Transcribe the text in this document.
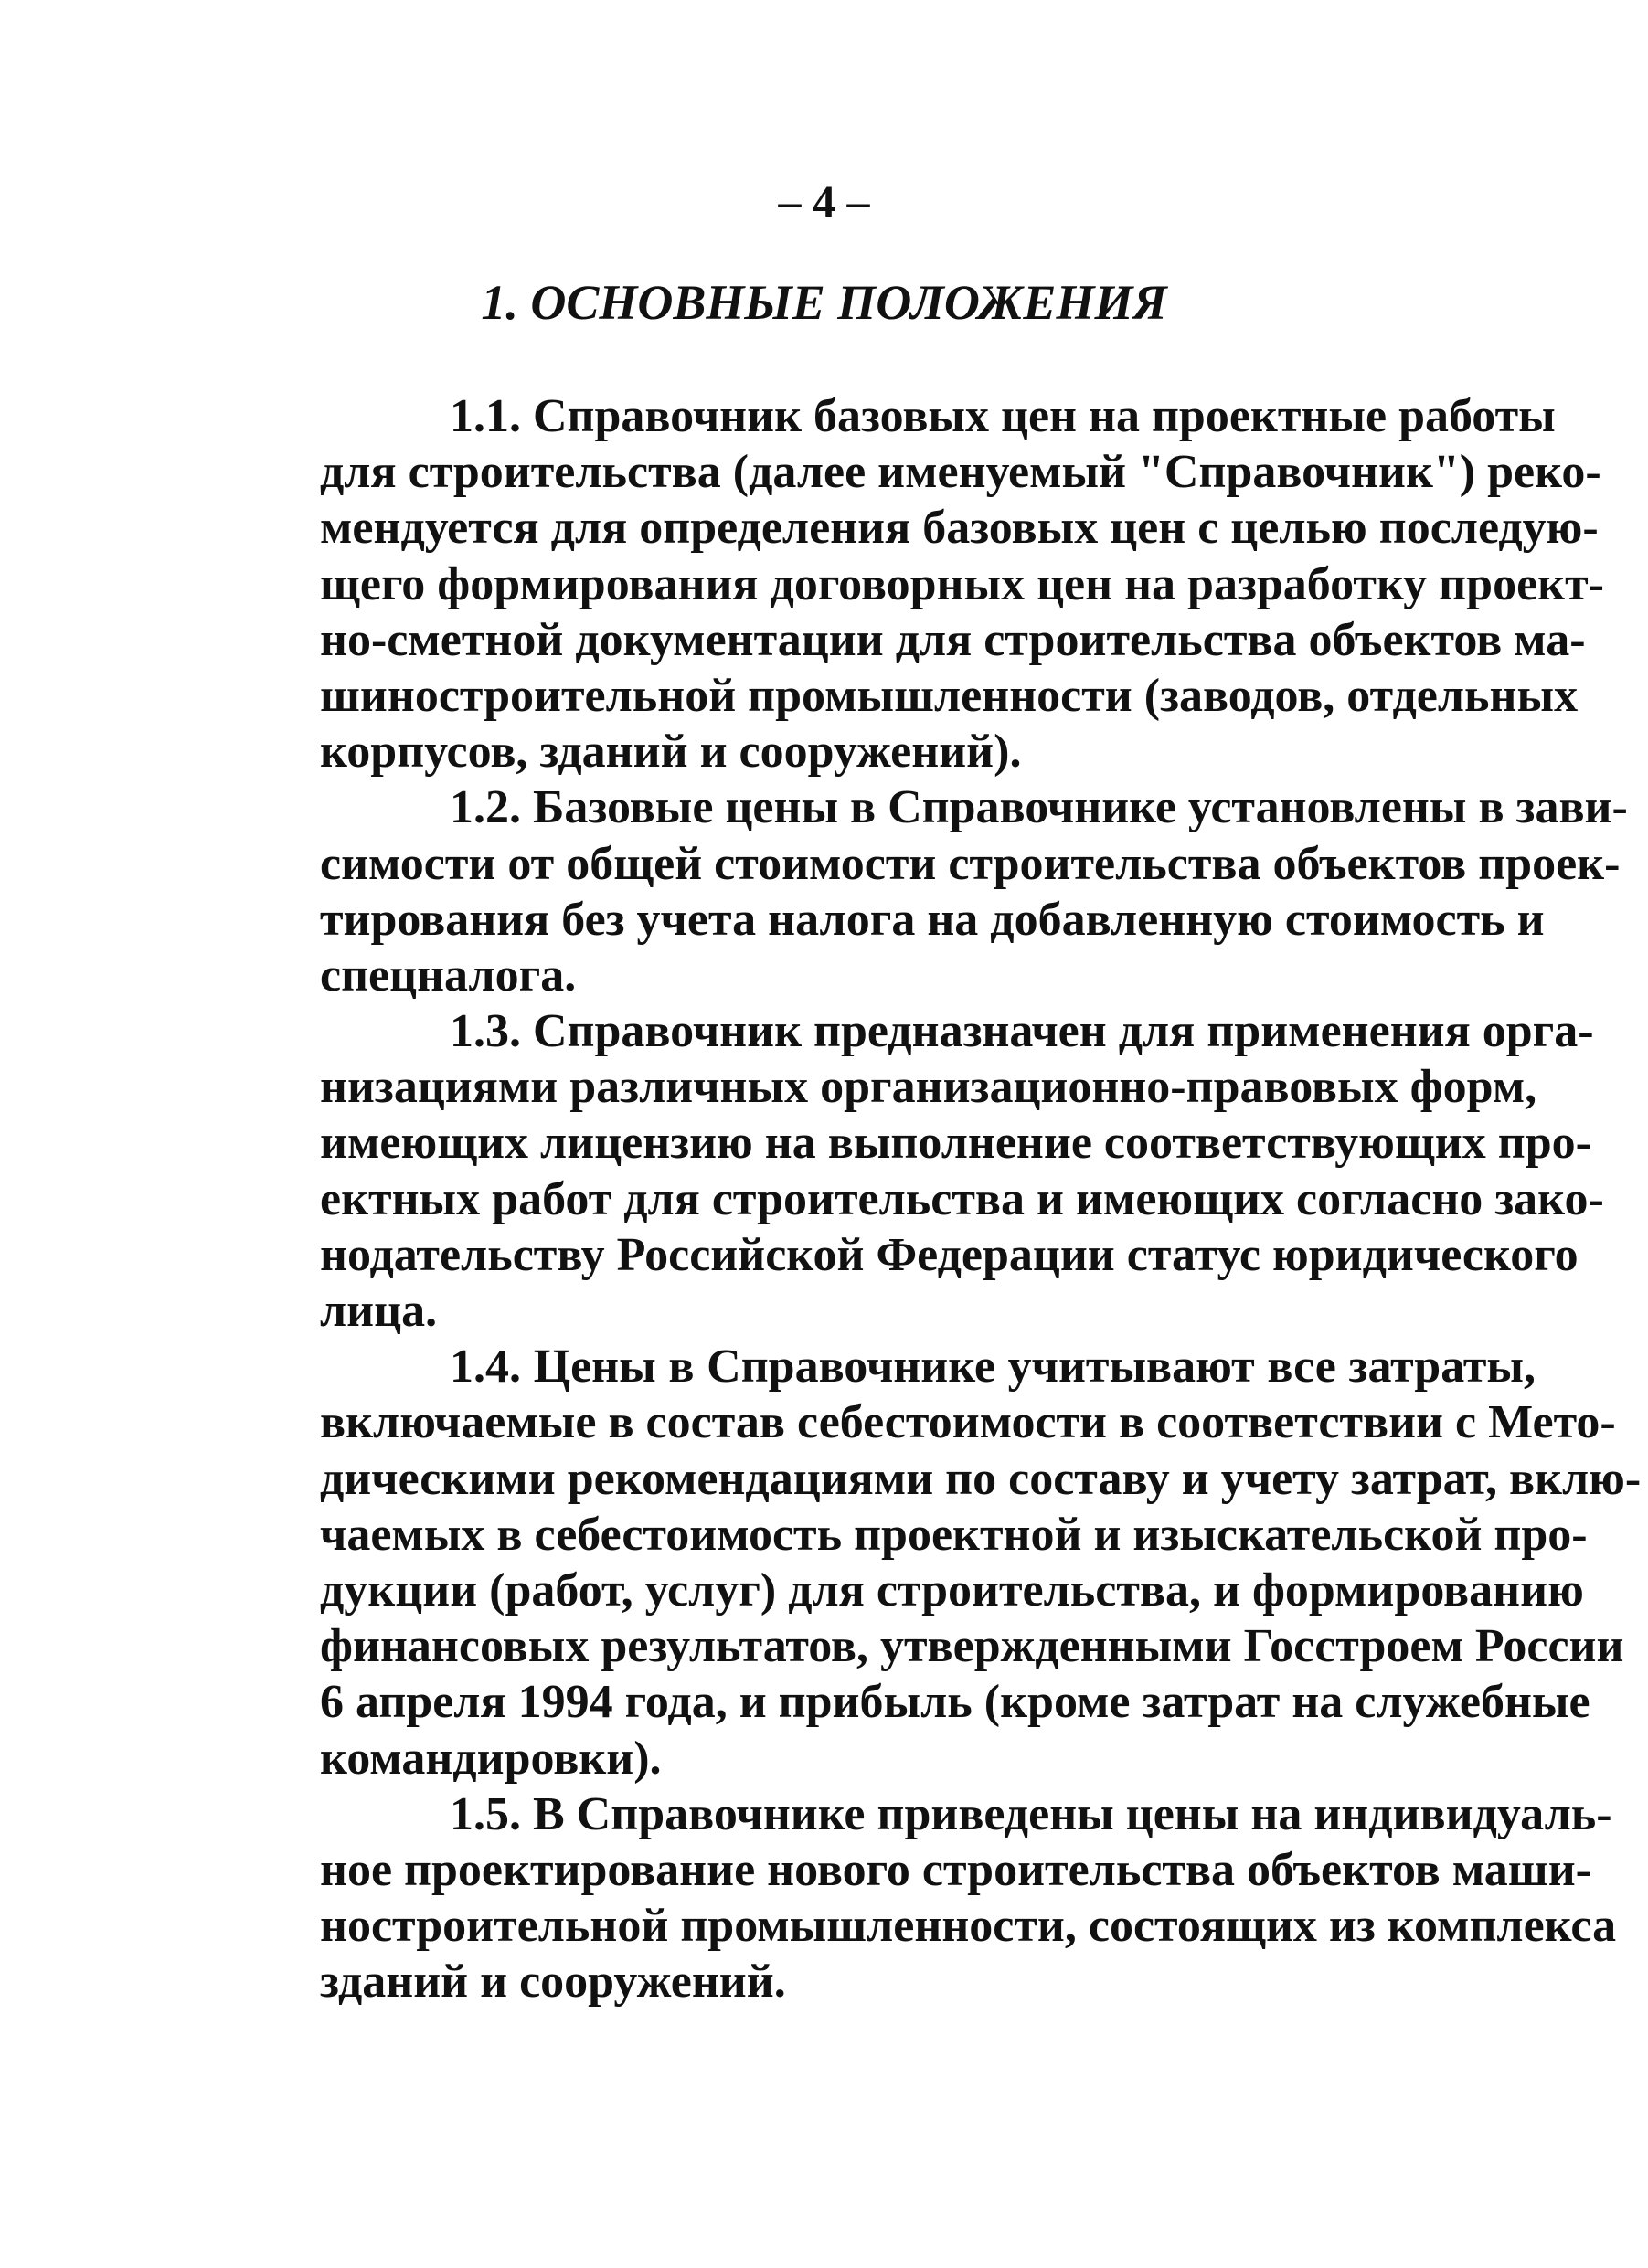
– 4 –
1. ОСНОВНЫЕ ПОЛОЖЕНИЯ
1.1. Справочник базовых цен на проектные работы
для строительства (далее именуемый "Справочник") реко-
мендуется для определения базовых цен с целью последую-
щего формирования договорных цен на разработку проект-
но-сметной документации для строительства объектов ма-
шиностроительной промышленности (заводов, отдельных
корпусов, зданий и сооружений).
1.2. Базовые цены в Справочнике установлены в зави-
симости от общей стоимости строительства объектов проек-
тирования без учета налога на добавленную стоимость и
спецналога.
1.3. Справочник предназначен для применения орга-
низациями различных организационно-правовых форм,
имеющих лицензию на выполнение соответствующих про-
ектных работ для строительства и имеющих согласно зако-
нодательству Российской Федерации статус юридического
лица.
1.4. Цены в Справочнике учитывают все затраты,
включаемые в состав себестоимости в соответствии с Мето-
дическими рекомендациями по составу и учету затрат, вклю-
чаемых в себестоимость проектной и изыскательской про-
дукции (работ, услуг) для строительства, и формированию
финансовых результатов, утвержденными Госстроем России
6 апреля 1994 года, и прибыль (кроме затрат на служебные
командировки).
1.5. В Справочнике приведены цены на индивидуаль-
ное проектирование нового строительства объектов маши-
ностроительной промышленности, состоящих из комплекса
зданий и сооружений.
